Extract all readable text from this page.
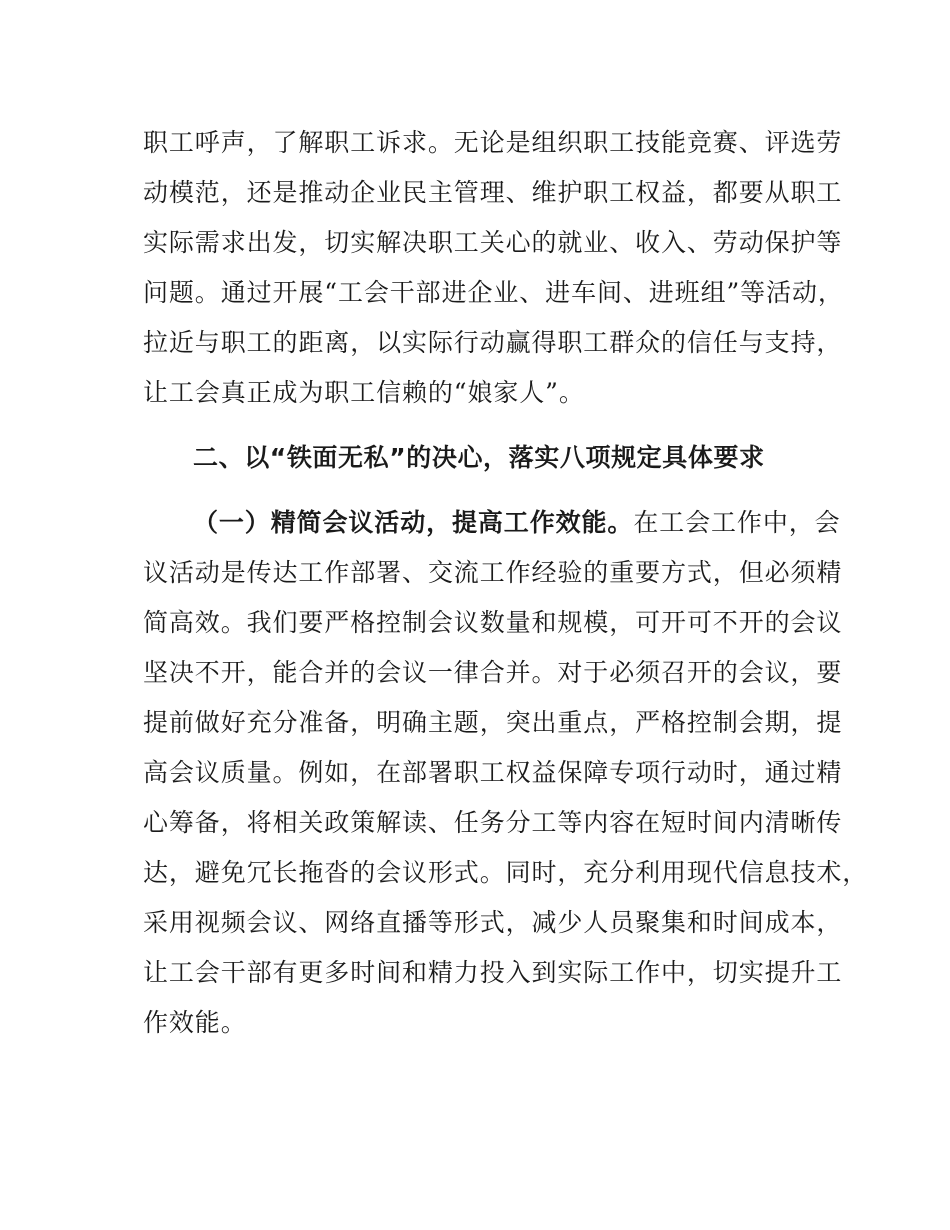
职工呼声，了解职工诉求。无论是组织职工技能竞赛、评选劳
动模范，还是推动企业民主管理、维护职工权益，都要从职工
实际需求出发，切实解决职工关心的就业、收入、劳动保护等
问题。通过开展“工会干部进企业、进车间、进班组”等活动，
拉近与职工的距离，以实际行动赢得职工群众的信任与支持，
让工会真正成为职工信赖的“娘家人”。
二、以“铁面无私”的决心，落实八项规定具体要求
（一）精简会议活动，提高工作效能。在工会工作中，会
议活动是传达工作部署、交流工作经验的重要方式，但必须精
简高效。我们要严格控制会议数量和规模，可开可不开的会议
坚决不开，能合并的会议一律合并。对于必须召开的会议，要
提前做好充分准备，明确主题，突出重点，严格控制会期，提
高会议质量。例如，在部署职工权益保障专项行动时，通过精
心筹备，将相关政策解读、任务分工等内容在短时间内清晰传
达，避免冗长拖沓的会议形式。同时，充分利用现代信息技术，
采用视频会议、网络直播等形式，减少人员聚集和时间成本，
让工会干部有更多时间和精力投入到实际工作中，切实提升工
作效能。
